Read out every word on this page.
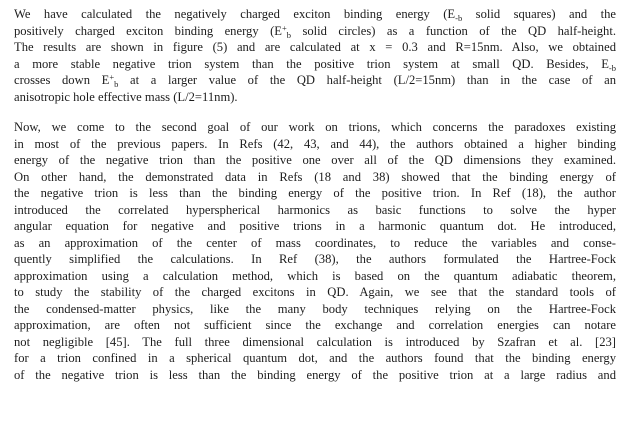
We have calculated the negatively charged exciton binding energy ($E_{-b}$ solid squares) and the
positively charged exciton binding energy ($E^+_b$ solid circles) as a function of the QD half-height.
The results are shown in figure (5) and are calculated at x = 0.3 and R=15nm. Also, we obtained
a more stable negative trion system than the positive trion system at small QD. Besides, $E_{-b}$
crosses down $E^+_b$ at a larger value of the QD half-height (L/2=15nm) than in the case of an
anisotropic hole effective mass (L/2=11nm).

Now, we come to the second goal of our work on trions, which concerns the paradoxes existing
in most of the previous papers. In Refs (42, 43, and 44), the authors obtained a higher binding
energy of the negative trion than the positive one over all of the QD dimensions they examined.
On other hand, the demonstrated data in Refs (18 and 38) showed that the binding energy of
the negative trion is less than the binding energy of the positive trion. In Ref (18), the author
introduced the correlated hyperspherical harmonics as basic functions to solve the hyper
angular equation for negative and positive trions in a harmonic quantum dot. He introduced,
as an approximation of the center of mass coordinates, to reduce the variables and conse-
quently simplified the calculations. In Ref (38), the authors formulated the Hartree-Fock
approximation using a calculation method, which is based on the quantum adiabatic theorem,
to study the stability of the charged excitons in QD. Again, we see that the standard tools of
the condensed-matter physics, like the many body techniques relying on the Hartree-Fock
approximation, are often not sufficient since the exchange and correlation energies can notare
not negligible [45]. The full three dimensional calculation is introduced by Szafran et al. [23]
for a trion confined in a spherical quantum dot, and the authors found that the binding energy
of the negative trion is less than the binding energy of the positive trion at a large radius and
